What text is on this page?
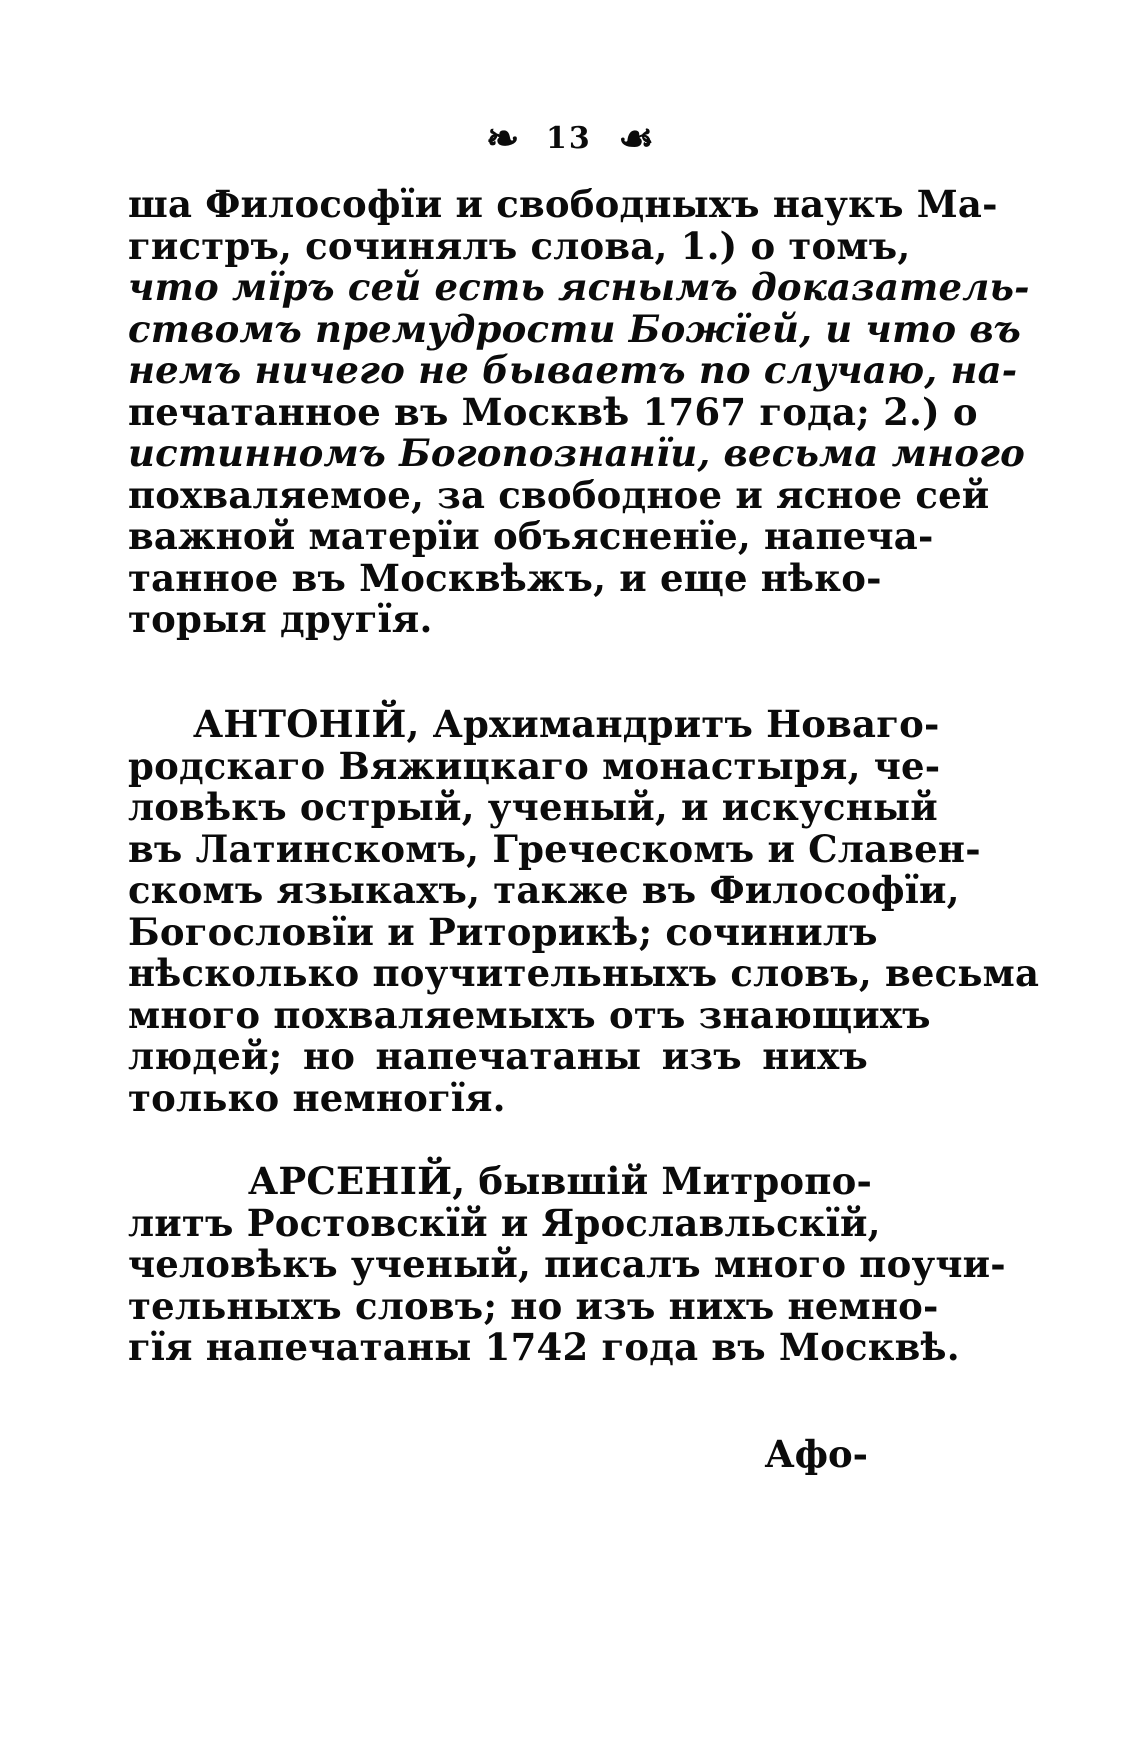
❧ 13 ☙
ша Философїи и свободныхъ наукъ Ма-
гистръ, сочинялъ слова, 1.) о томъ,
что мїръ сей есть яснымъ доказатель-
ствомъ премудрости Божїей, и что въ
немъ ничего не бываетъ по случаю, на-
печатанное въ Москвѣ 1767 года; 2.) о
истинномъ Богопознанїи, весьма много
похваляемое, за свободное и ясное сей
важной матерїи объясненїе, напеча-
танное въ Москвѣжъ, и еще нѣко-
торыя другїя.
АНТОНІЙ, Архимандритъ Новаго-
родскаго Вяжицкаго монастыря, че-
ловѣкъ острый, ученый, и искусный
въ Латинскомъ, Греческомъ и Славен-
скомъ языкахъ, также въ Философїи,
Богословїи и Риторикѣ; сочинилъ
нѣсколько поучительныхъ словъ, весьма
много похваляемыхъ отъ знающихъ
людей; но напечатаны изъ нихъ
только немногїя.
АРСЕНІЙ, бывшій Митропо-
литъ Ростовскїй и Ярославльскїй,
человѣкъ ученый, писалъ много поучи-
тельныхъ словъ; но изъ нихъ немно-
гїя напечатаны 1742 года въ Москвѣ.
Афо-
